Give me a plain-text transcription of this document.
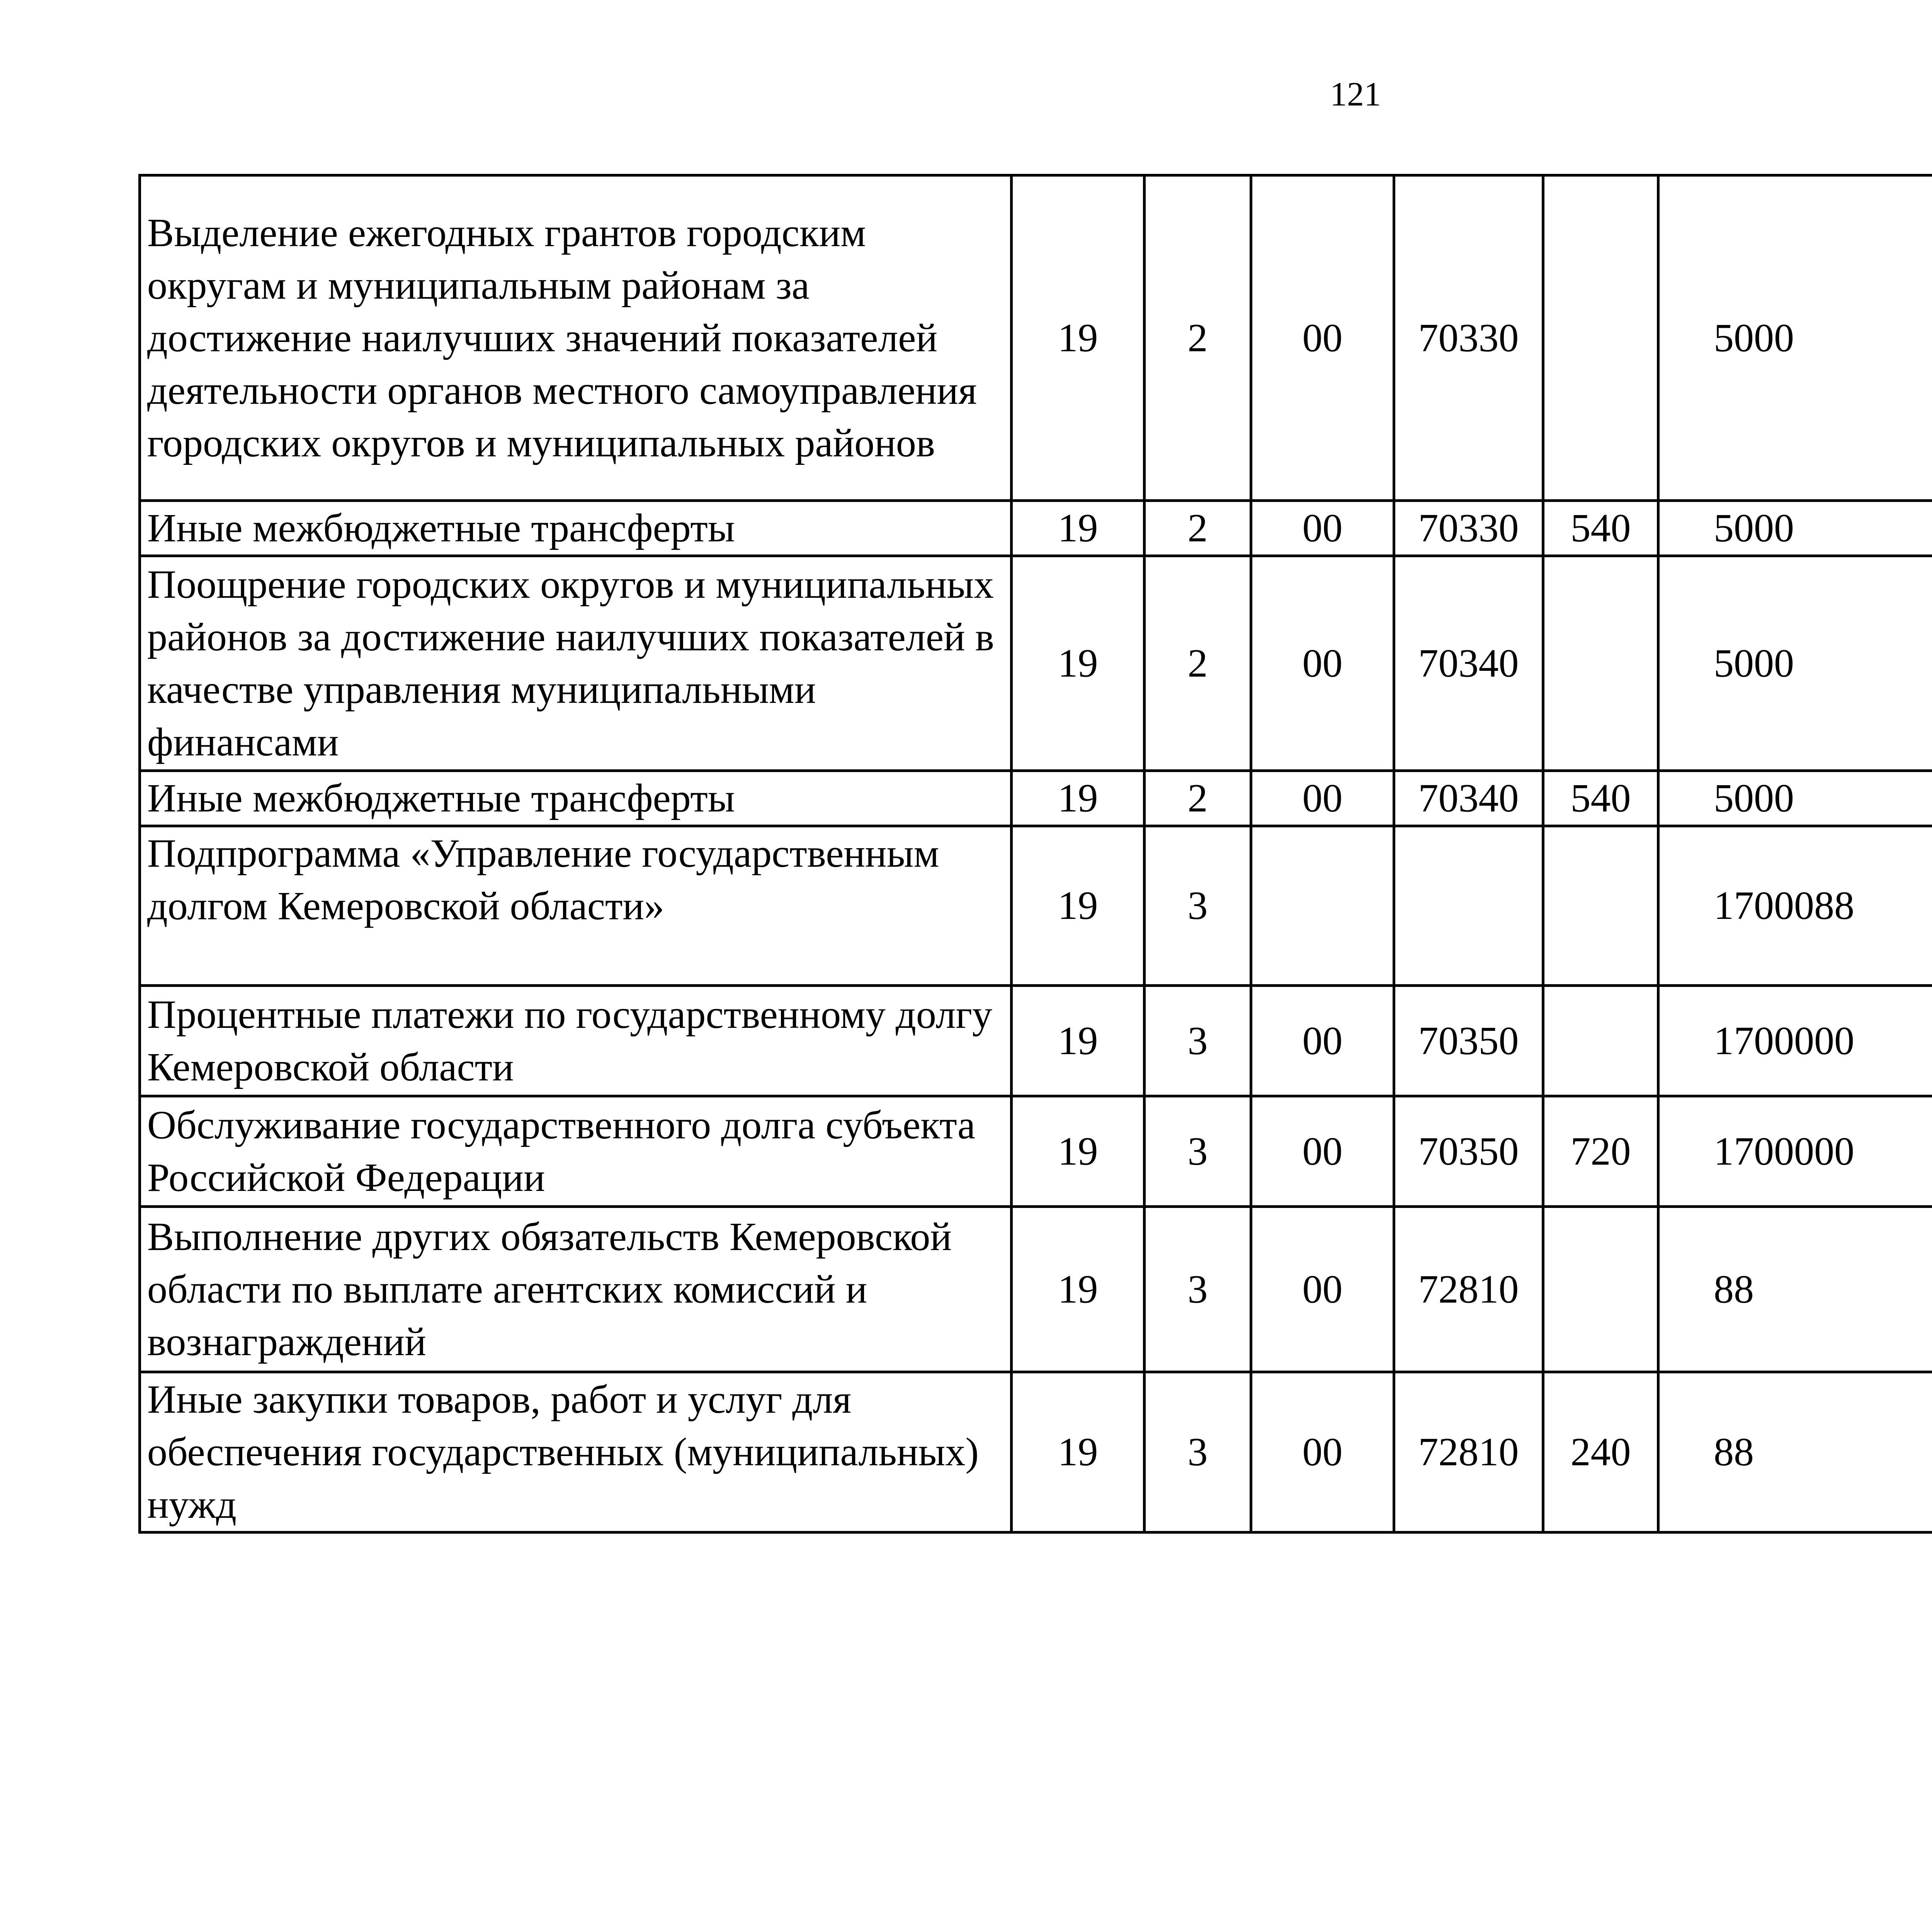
121
Выделение ежегодных грантов городским округам и муниципальным районам за достижение наилучших значений показателей деятельности органов местного самоуправления городских округов и муниципальных районов	19	2	00	70330		5000		
Иные межбюджетные трансферты	19	2	00	70330	540	5000		
Поощрение городских округов и муниципальных районов за достижение наилучших показателей в качестве управления муниципальными финансами	19	2	00	70340		5000		
Иные межбюджетные трансферты	19	2	00	70340	540	5000		
Подпрограмма «Управление государственным долгом Кемеровской области»	19	3				1700088		
Процентные платежи по государственному долгу Кемеровской области	19	3	00	70350		1700000		
Обслуживание государственного долга субъекта Российской Федерации	19	3	00	70350	720	1700000		
Выполнение других обязательств Кемеровской области по выплате агентских комиссий и вознаграждений	19	3	00	72810		88		
Иные закупки товаров, работ и услуг для обеспечения государственных (муниципальных) нужд	19	3	00	72810	240	88		
